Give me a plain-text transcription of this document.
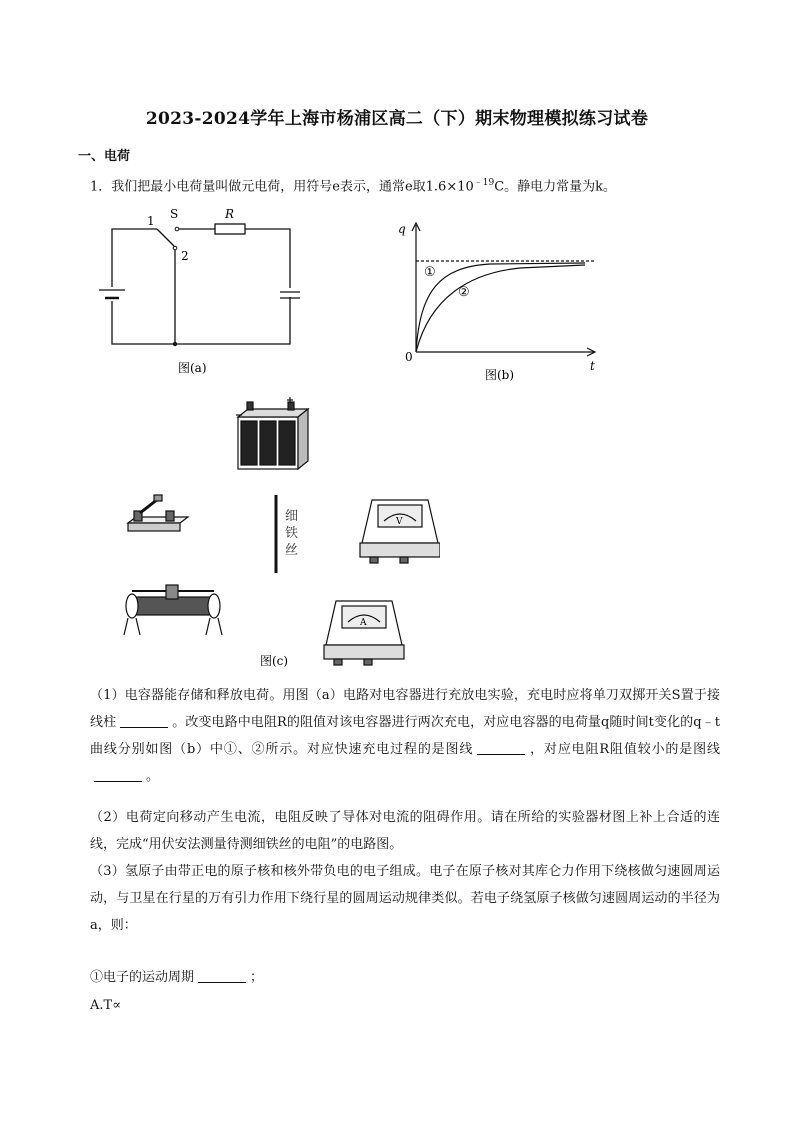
2023-2024学年上海市杨浦区高二（下）期末物理模拟练习试卷
一、电荷
1．我们把最小电荷量叫做元电荷，用符号e表示，通常e取$1.6\times 10^{﹣19}C$。静电力常量为k。
1 S	R
2
图(a)
q
t
0
①
②
图(b)
细
铁
丝
V
A
图(c)
（1）电容器能存储和释放电荷。用图（a）电路对电容器进行充放电实验，充电时应将单刀双掷开关S置于接线柱	。改变电路中电阻R的阻值对该电容器进行两次充电，对应电容器的电荷量q随时间t变化的q﹣t曲线分别如图（b）中①、②所示。对应快速充电过程的是图线	，对应电阻R阻值较小的是图线。
（2）电荷定向移动产生电流，电阻反映了导体对电流的阻碍作用。请在所给的实验器材图上补上合适的连线，完成“用伏安法测量待测细铁丝的电阻”的电路图。
（3）氢原子由带正电的原子核和核外带负电的电子组成。电子在原子核对其库仑力作用下绕核做匀速圆周运动，与卫星在行星的万有引力作用下绕行星的圆周运动规律类似。若电子绕氢原子核做匀速圆周运动的半径为a，则：
①电子的运动周期	；
A.T∝
